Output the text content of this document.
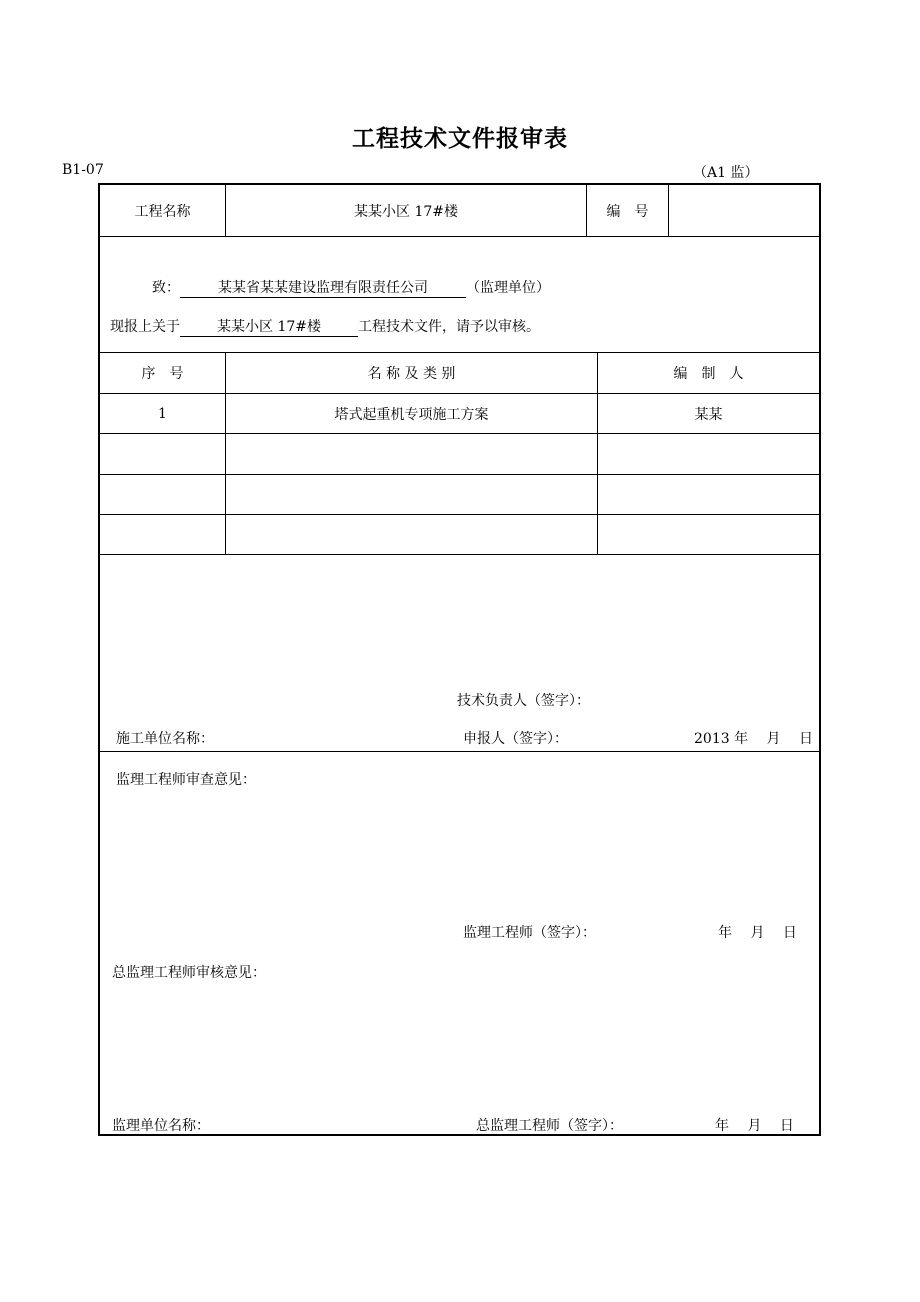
工程技术文件报审表
B1-07	（A1 监）
工程名称	某某小区 17#楼	编　号
致：	某某省某某建设监理有限责任公司	（监理单位）
现报上关于	某某小区 17#楼	工程技术文件，请予以审核。
序　号	名 称 及 类 别	编　制　人
1	塔式起重机专项施工方案	某某
技术负责人（签字）：
施工单位名称：	申报人（签字）：	2013 年　 月　 日
监理工程师审查意见：
监理工程师（签字）：	年　 月　 日
总监理工程师审核意见：
监理单位名称：	总监理工程师（签字）：	年　 月　 日
